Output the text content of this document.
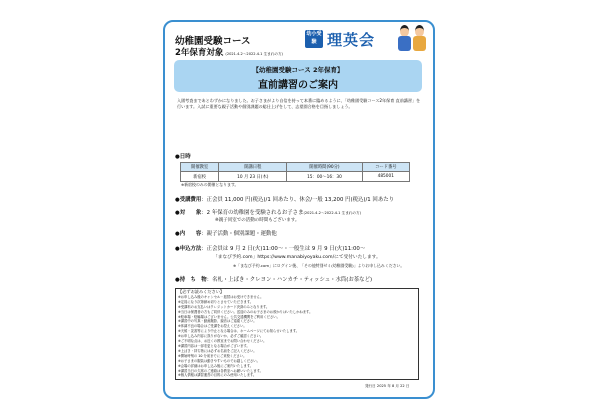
幼稚園受験コース
2年保育対象 (2021.4.2～2022.4.1 生まれの方)
幼小受験 理英会
【幼稚園受験コース 2年保育】
直前講習のご案内
入園考査まであとわずかになりました。お子さまがより自信を持って本番に臨めるように、「幼稚園受験コース2年保育 直前講習」を行います。入試に重要な親子活動や個別課題の総仕上げをして、志望園合格を目指しましょう。
●日時
開催教室	開講日程	開催時間(90分)	コード番号
新宿校	10 月 23 日(木)	15：00～16：30	485001
※新宿校のみの開催となります。
●受講費用：正会員 11,000 円(税込)/1 回あたり、休会/一般 13,200 円(税込)/1 回あたり
●対　　象：2 年保育の幼稚園を受験されるお子さま(2021.4.2～2022.4.1 生まれの方)
※親子同室での活動の時間もございます。
●内　　容：親子活動・個別課題・運動他
●申込方法：正会員は 9 月 2 日(火)11:00～・一般生は 9 月 9 日(火)11:00～
「まなび予約.com」https://www.manabiyoyaku.com/にて受付いたします。
※「まなび予約.com」にログイン後、「その他特別ゼミ(幼稚園受験)」よりお申し込みください。
●持　ち　物：名札・上ばき・クレヨン・ハンカチ・ティッシュ・水筒(お茶など)
【必ずお読みください】
※お申し込み後のキャンセル・振替はお受けできません。
※定員になり次第締め切りとさせていただきます。
※受講料のお支払いはクレジットカード決済のみとなります。
※当日は保護者の方もご同伴ください。送迎のみのお子さまのお預かりはいたしかねます。
※駐車場・駐輪場はございません。公共交通機関をご利用ください。
※講習中の写真・動画撮影、録音はご遠慮ください。
※体調不良の場合はご受講をお控えください。
※天候・災害等により中止となる場合は、ホームページにてお知らせいたします。
※お申し込み内容に誤りがないか、必ずご確認ください。
※ご不明な点は、お近くの教室までお問い合わせください。
※講習内容は一部変更となる場合がございます。
※上ばき・持ち物には必ずお名前をご記入ください。
※開始時刻の 10 分前までにご来校ください。
※お子さまの服装は動きやすいものでお越しください。
※会場の詳細はお申し込み後にご案内いたします。
※講習当日の欠席のご連絡は各教室へお願いいたします。
※個人情報は講習運営の目的にのみ使用いたします。
発行日 2025 年 8 月 22 日
